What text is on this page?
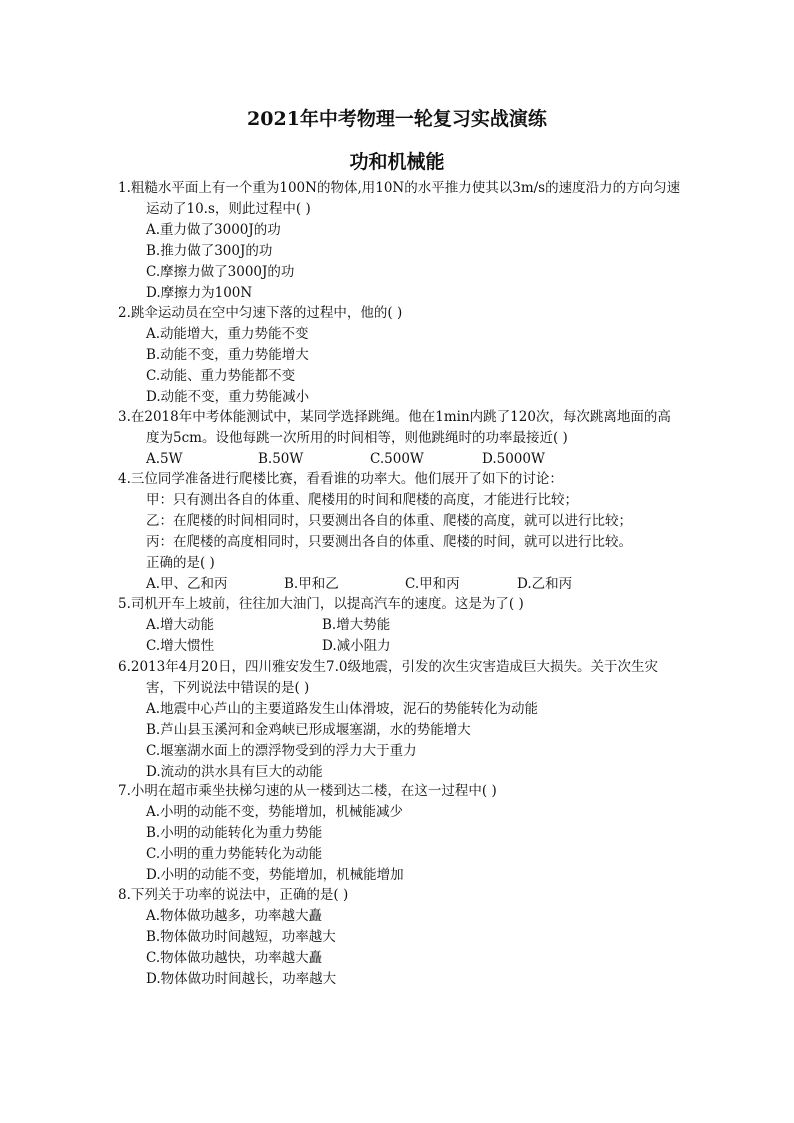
2021年中考物理一轮复习实战演练
功和机械能
1.粗糙水平面上有一个重为100N的物体,用10N的水平推力使其以3m/s的速度沿力的方向匀速
运动了10.s，则此过程中( )
A.重力做了3000J的功
B.推力做了300J的功
C.摩擦力做了3000J的功
D.摩擦力为100N
2.跳伞运动员在空中匀速下落的过程中，他的( )
A.动能增大，重力势能不变
B.动能不变，重力势能增大
C.动能、重力势能都不变
D.动能不变，重力势能减小
3.在2018年中考体能测试中，某同学选择跳绳。他在1min内跳了120次，每次跳离地面的高
度为5cm。设他每跳一次所用的时间相等，则他跳绳时的功率最接近( )
A.5W	B.50W	C.500W	D.5000W
4.三位同学准备进行爬楼比赛，看看谁的功率大。他们展开了如下的讨论：
甲：只有测出各自的体重、爬楼用的时间和爬楼的高度，才能进行比较；
乙：在爬楼的时间相同时，只要测出各自的体重、爬楼的高度，就可以进行比较；
丙：在爬楼的高度相同时，只要测出各自的体重、爬楼的时间，就可以进行比较。
正确的是( )
A.甲、乙和丙	B.甲和乙	C.甲和丙	D.乙和丙
5.司机开车上坡前，往往加大油门，以提高汽车的速度。这是为了( )
A.增大动能	B.增大势能
C.增大惯性	D.减小阻力
6.2013年4月20日，四川雅安发生7.0级地震，引发的次生灾害造成巨大损失。关于次生灾
害，下列说法中错误的是( )
A.地震中心芦山的主要道路发生山体滑坡，泥石的势能转化为动能
B.芦山县玉溪河和金鸡峡已形成堰塞湖，水的势能增大
C.堰塞湖水面上的漂浮物受到的浮力大于重力
D.流动的洪水具有巨大的动能
7.小明在超市乘坐扶梯匀速的从一楼到达二楼，在这一过程中( )
A.小明的动能不变，势能增加，机械能减少
B.小明的动能转化为重力势能
C.小明的重力势能转化为动能
D.小明的动能不变，势能增加，机械能增加
8.下列关于功率的说法中，正确的是( )
A.物体做功越多，功率越大矗
B.物体做功时间越短，功率越大
C.物体做功越快，功率越大矗
D.物体做功时间越长，功率越大
